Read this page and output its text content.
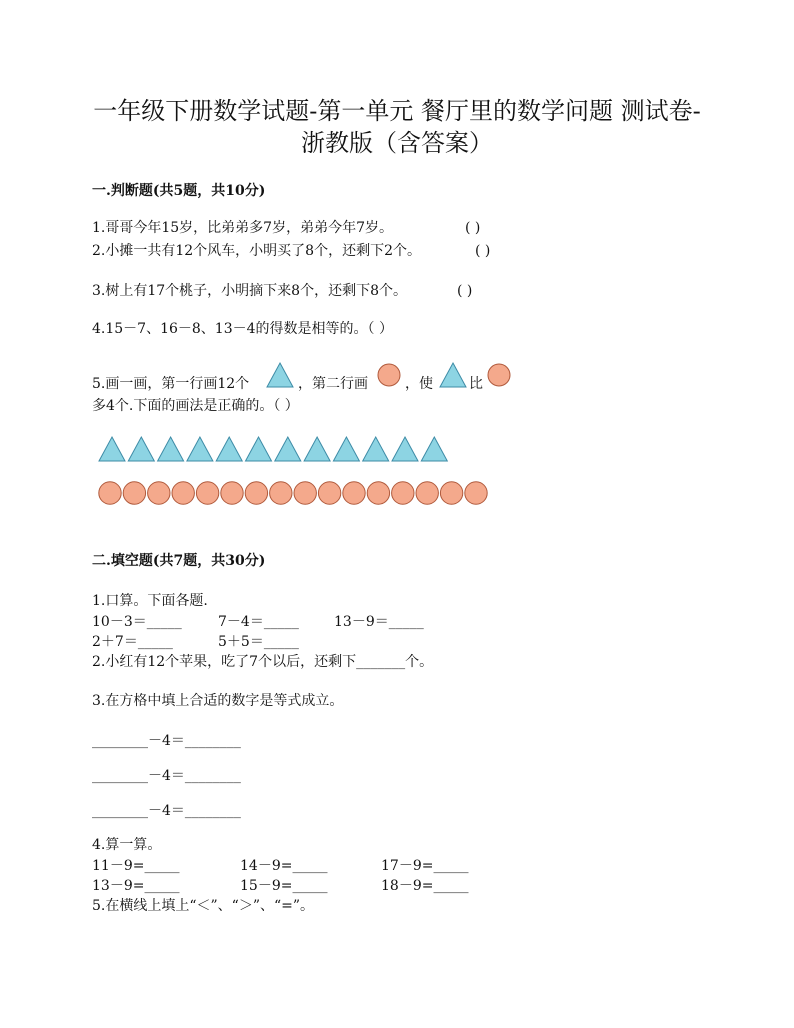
一年级下册数学试题-第一单元 餐厅里的数学问题 测试卷-
浙教版（含答案）
一.判断题(共5题，共10分)
1.哥哥今年15岁，比弟弟多7岁，弟弟今年7岁。	( )
2.小摊一共有12个风车，小明买了8个，还剩下2个。	( )
3.树上有17个桃子，小明摘下来8个，还剩下8个。	( )
4.15－7、16－8、13－4的得数是相等的。（ ）
5.画一画，第一行画12个	，第二行画	，使	比
多4个.下面的画法是正确的。（ ）
二.填空题(共7题，共30分)
1.口算。下面各题.
10－3＝_____	7－4＝_____	13－9＝_____
2＋7＝_____	5＋5＝_____
2.小红有12个苹果，吃了7个以后，还剩下_______个。
3.在方格中填上合适的数字是等式成立。
________－4＝________
________－4＝________
________－4＝________
4.算一算。
11－9=_____	14－9=_____	17－9=_____
13－9=_____	15－9=_____	18－9=_____
5.在横线上填上“＜”、“＞”、“=”。
